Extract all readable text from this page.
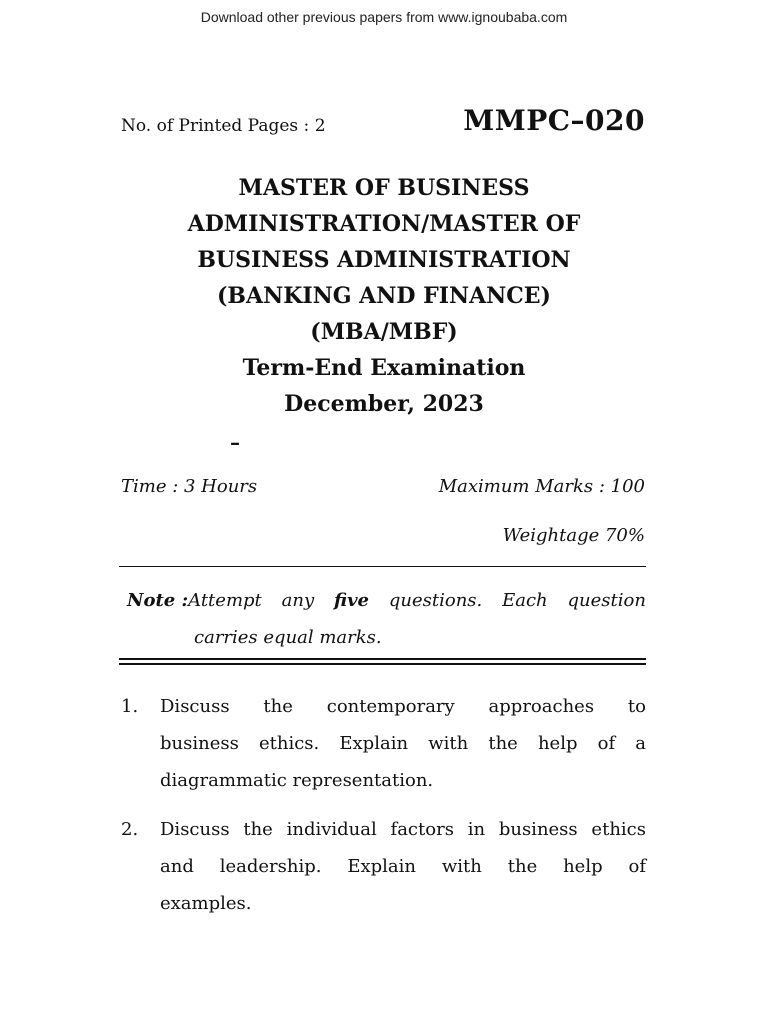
Download other previous papers from www.ignoubaba.com
No. of Printed Pages : 2	MMPC–020
MASTER OF BUSINESS
ADMINISTRATION/MASTER OF
BUSINESS ADMINISTRATION
(BANKING AND FINANCE)
(MBA/MBF)
Term-End Examination
December, 2023
–
Time : 3 Hours	Maximum Marks : 100
Weightage 70%
Note :Attempt any five questions. Each question
carries equal marks.
1. Discuss the contemporary approaches to
business ethics. Explain with the help of a
diagrammatic representation.
2. Discuss the individual factors in business ethics
and leadership. Explain with the help of
examples.
